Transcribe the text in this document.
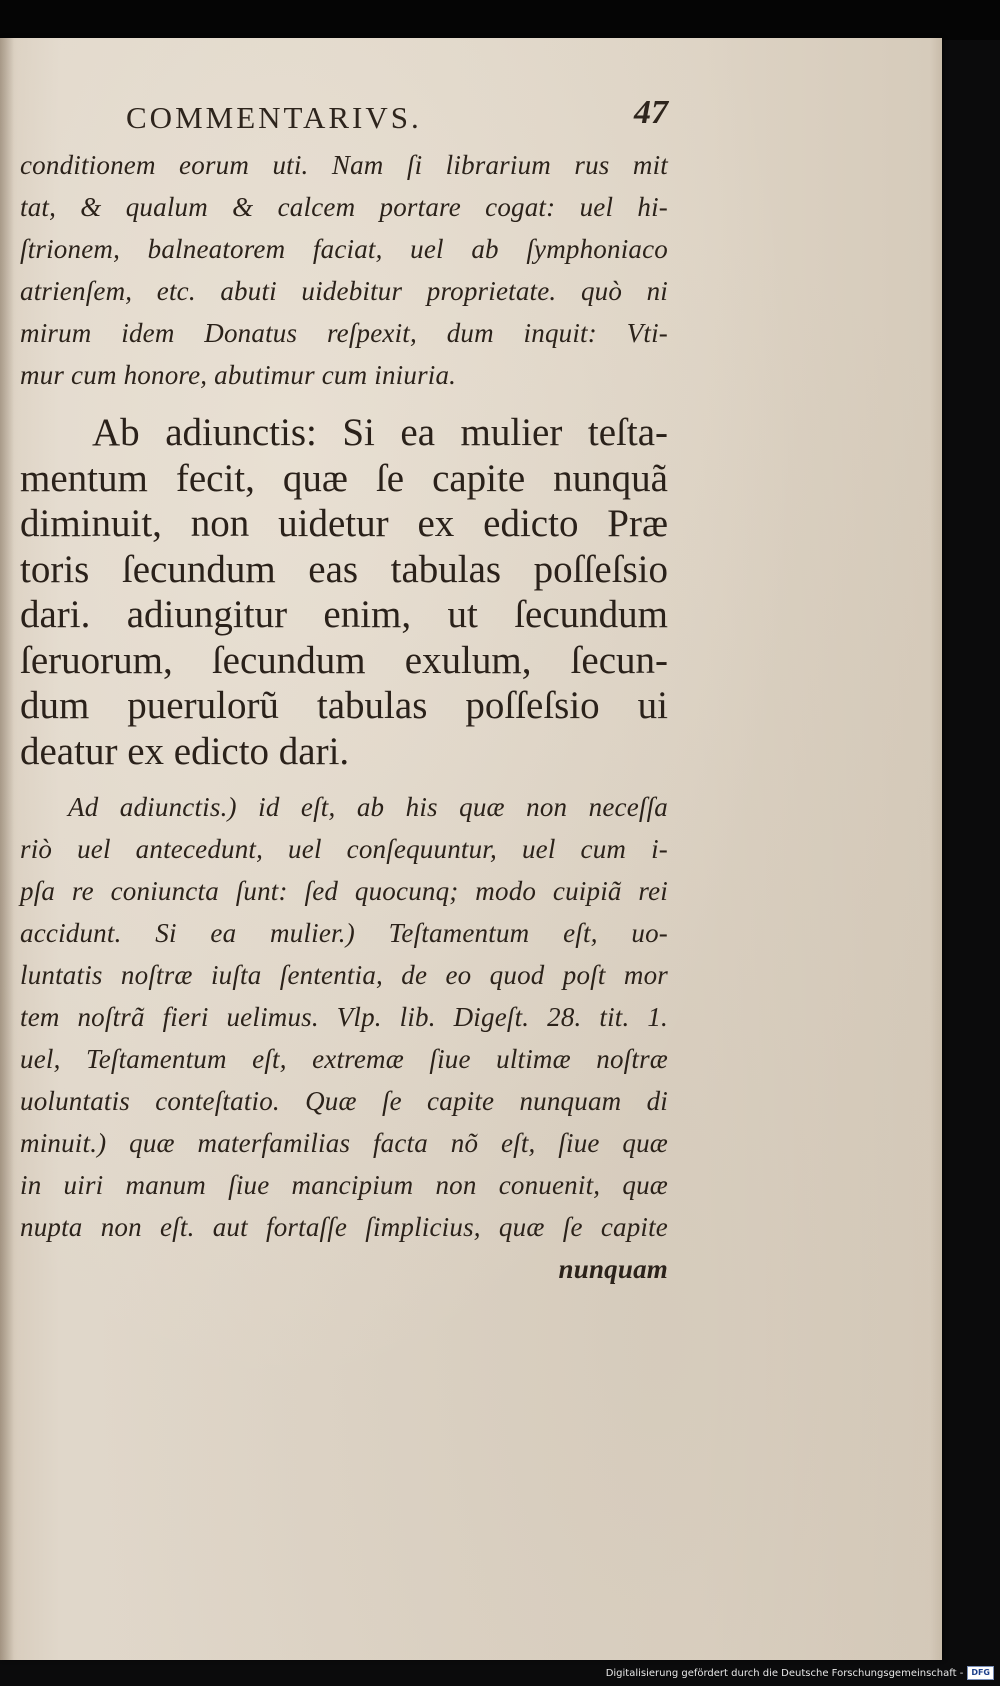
COMMENTARIVS.	47
conditionem eorum uti. Nam ſi librarium rus mit
tat, & qualum & calcem portare cogat: uel hi-
ſtrionem, balneatorem faciat, uel ab ſymphoniaco
atrienſem, etc. abuti uidebitur proprietate. quò ni
mirum idem Donatus reſpexit, dum inquit: Vti-
mur cum honore, abutimur cum iniuria.
Ab adiunctis: Si ea mulier teſta-
mentum fecit, quæ ſe capite nunquã
diminuit, non uidetur ex edicto Præ
toris ſecundum eas tabulas poſſeſsio
dari. adiungitur enim, ut ſecundum
ſeruorum, ſecundum exulum, ſecun-
dum puerulorũ tabulas poſſeſsio ui
deatur ex edicto dari.
Ad adiunctis.) id eſt, ab his quæ non neceſſa
riò uel antecedunt, uel conſequuntur, uel cum i-
pſa re coniuncta ſunt: ſed quocunq; modo cuipiã rei
accidunt. Si ea mulier.) Teſtamentum eſt, uo-
luntatis noſtræ iuſta ſententia, de eo quod poſt mor
tem noſtrã fieri uelimus. Vlp. lib. Digeſt. 28. tit. 1.
uel, Teſtamentum eſt, extremæ ſiue ultimæ noſtræ
uoluntatis conteſtatio. Quæ ſe capite nunquam di
minuit.) quæ materfamilias facta nõ eſt, ſiue quæ
in uiri manum ſiue mancipium non conuenit, quæ
nupta non eſt. aut fortaſſe ſimplicius, quæ ſe capite
nunquam
Digitalisierung gefördert durch die Deutsche Forschungsgemeinschaft -	DFG
